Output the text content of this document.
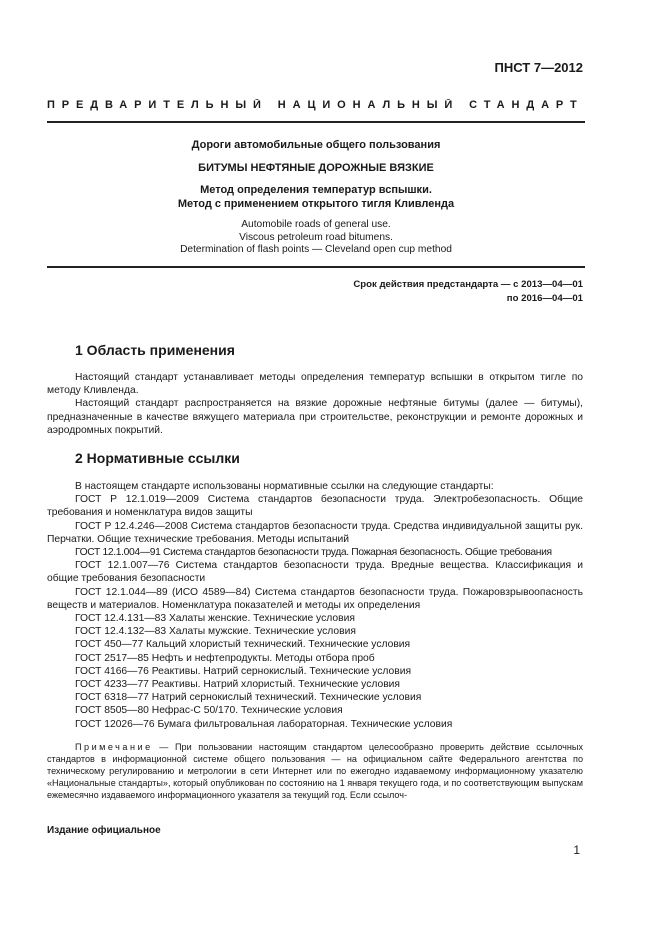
ПНСТ 7—2012
ПРЕДВАРИТЕЛЬНЫЙ НАЦИОНАЛЬНЫЙ СТАНДАРТ
Дороги автомобильные общего пользования
БИТУМЫ НЕФТЯНЫЕ ДОРОЖНЫЕ ВЯЗКИЕ
Метод определения температур вспышки.
Метод с применением открытого тигля Кливленда
Automobile roads of general use.
Viscous petroleum road bitumens.
Determination of flash points — Cleveland open cup method
Срок действия предстандарта — с 2013—04—01
по 2016—04—01
1 Область применения

Настоящий стандарт устанавливает методы определения температур вспышки в открытом тигле по методу Кливленда.

Настоящий стандарт распространяется на вязкие дорожные нефтяные битумы (далее — битумы), предназначенные в качестве вяжущего материала при строительстве, реконструкции и ремонте дорожных и аэродромных покрытий.

2 Нормативные ссылки

В настоящем стандарте использованы нормативные ссылки на следующие стандарты:

ГОСТ Р 12.1.019—2009 Система стандартов безопасности труда. Электробезопасность. Общие требования и номенклатура видов защиты

ГОСТ Р 12.4.246—2008 Система стандартов безопасности труда. Средства индивидуальной защиты рук. Перчатки. Общие технические требования. Методы испытаний

ГОСТ 12.1.004—91 Система стандартов безопасности труда. Пожарная безопасность. Общие требования

ГОСТ 12.1.007—76 Система стандартов безопасности труда. Вредные вещества. Классификация и общие требования безопасности

ГОСТ 12.1.044—89 (ИСО 4589—84) Система стандартов безопасности труда. Пожаровзрывоопасность веществ и материалов. Номенклатура показателей и методы их определения

ГОСТ 12.4.131—83 Халаты женские. Технические условия

ГОСТ 12.4.132—83 Халаты мужские. Технические условия

ГОСТ 450—77 Кальций хлористый технический. Технические условия

ГОСТ 2517—85 Нефть и нефтепродукты. Методы отбора проб

ГОСТ 4166—76 Реактивы. Натрий сернокислый. Технические условия

ГОСТ 4233—77 Реактивы. Натрий хлористый. Технические условия

ГОСТ 6318—77 Натрий сернокислый технический. Технические условия

ГОСТ 8505—80 Нефрас-С 50/170. Технические условия

ГОСТ 12026—76 Бумага фильтровальная лабораторная. Технические условия

Примечание — При пользовании настоящим стандартом целесообразно проверить действие ссылочных стандартов в информационной системе общего пользования — на официальном сайте Федерального агентства по техническому регулированию и метрологии в сети Интернет или по ежегодно издаваемому информационному указателю «Национальные стандарты», который опубликован по состоянию на 1 января текущего года, и по соответствующим выпускам ежемесячно издаваемого информационного указателя за текущий год. Если ссылоч-
Издание официальное
1
